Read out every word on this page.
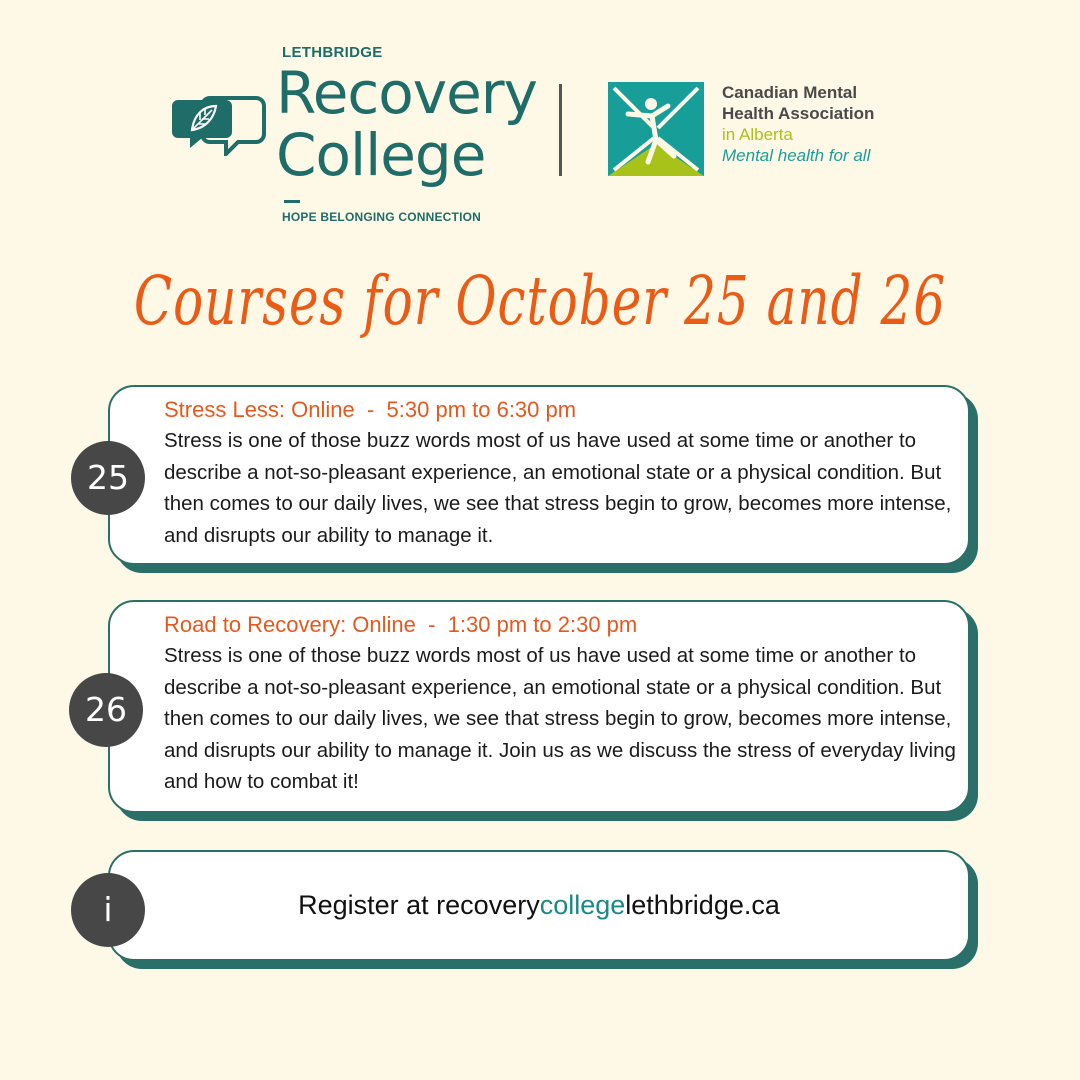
LETHBRIDGE
Recovery
College
HOPE BELONGING CONNECTION
Canadian Mental
Health Association
in Alberta
Mental health for all
Courses for October 25 and 26
Stress Less: Online  -  5:30 pm to 6:30 pm
Stress is one of those buzz words most of us have used at some time or another to describe a not-so-pleasant experience, an emotional state or a physical condition. But then comes to our daily lives, we see that stress begin to grow, becomes more intense, and disrupts our ability to manage it.
25
Road to Recovery: Online  -  1:30 pm to 2:30 pm
Stress is one of those buzz words most of us have used at some time or another to describe a not-so-pleasant experience, an emotional state or a physical condition. But then comes to our daily lives, we see that stress begin to grow, becomes more intense, and disrupts our ability to manage it. Join us as we discuss the stress of everyday living and how to combat it!
26
Register at recoverycollegelethbridge.ca
i
